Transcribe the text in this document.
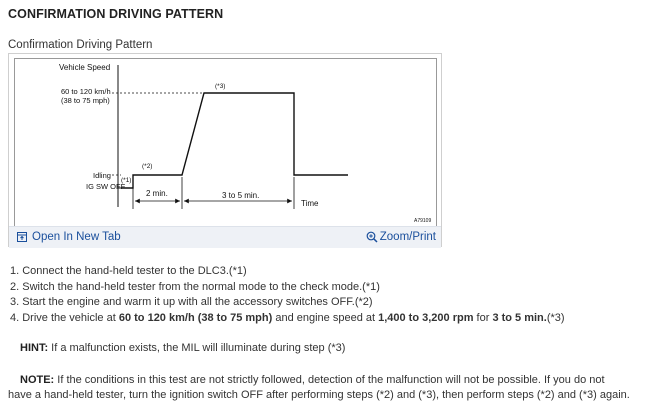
CONFIRMATION DRIVING PATTERN
Confirmation Driving Pattern
Vehicle Speed
60 to 120 km/h
(38 to 75 mph)
Idling
IG SW OFF
(*1)
(*2)
(*3)
2 min.	3 to 5 min.
Time
A79109
Open In New Tab	Zoom/Print
1. Connect the hand-held tester to the DLC3.(*1)
2. Switch the hand-held tester from the normal mode to the check mode.(*1)
3. Start the engine and warm it up with all the accessory switches OFF.(*2)
4. Drive the vehicle at 60 to 120 km/h (38 to 75 mph) and engine speed at 1,400 to 3,200 rpm for 3 to 5 min.(*3)

HINT: If a malfunction exists, the MIL will illuminate during step (*3)

NOTE: If the conditions in this test are not strictly followed, detection of the malfunction will not be possible. If you do not

have a hand-held tester, turn the ignition switch OFF after performing steps (*2) and (*3), then perform steps (*2) and (*3) again.
